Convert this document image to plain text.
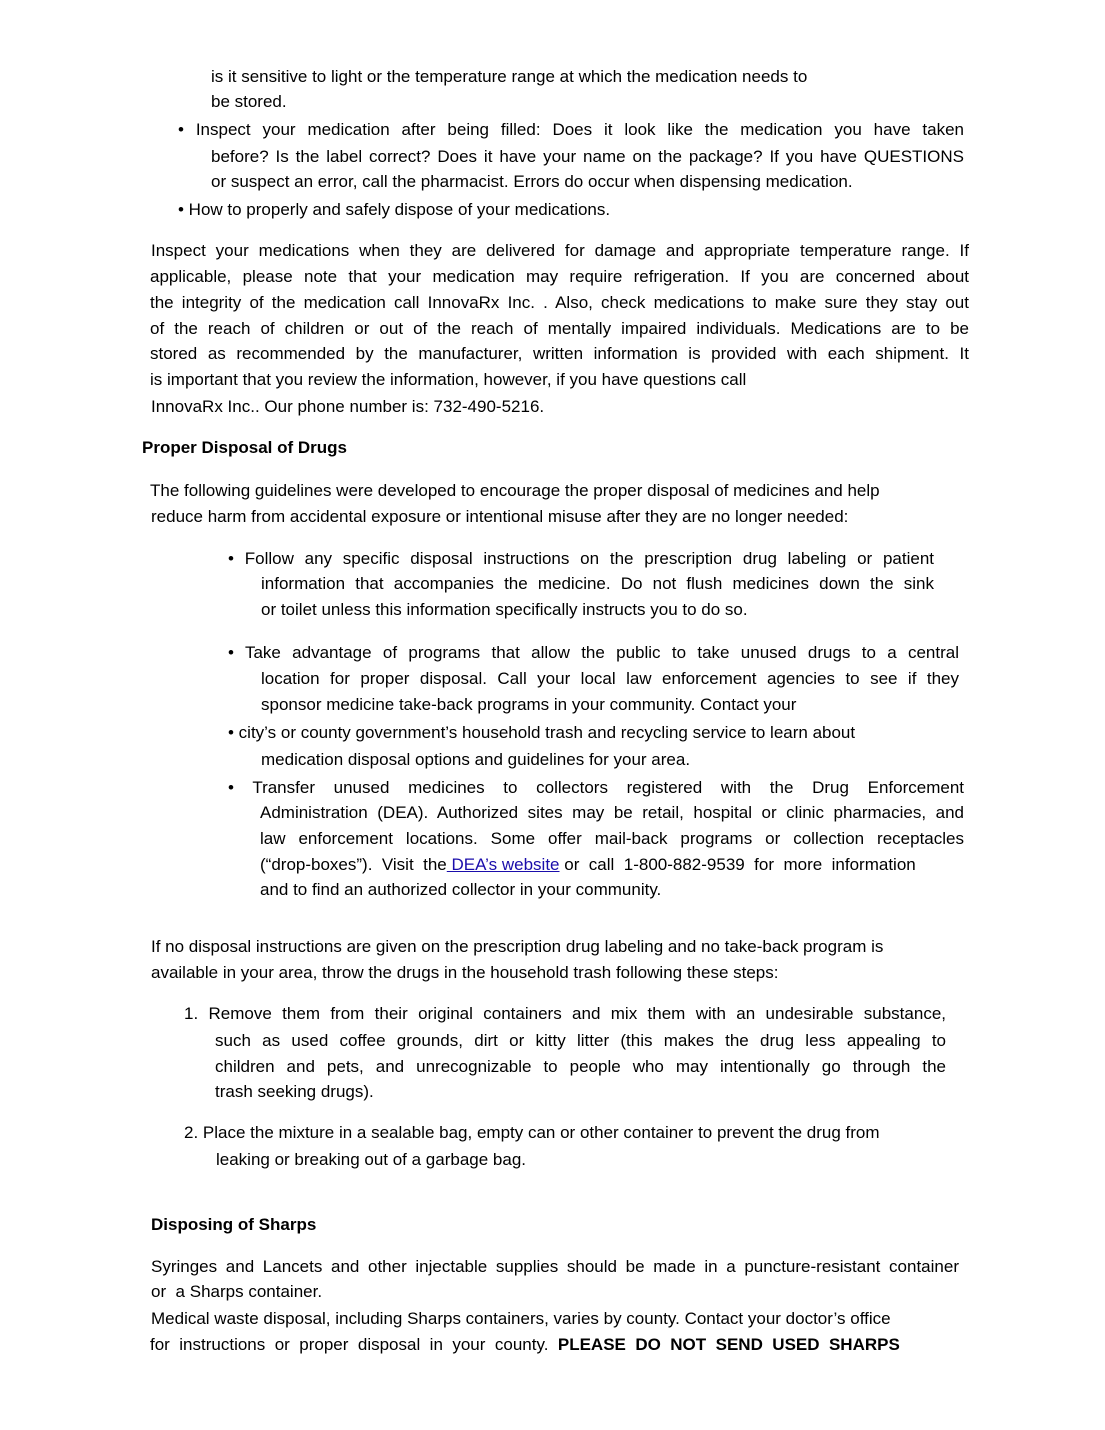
is it sensitive to light or the temperature range at which the medication needs to
be stored.
• Inspect your medication after being filled: Does it look like the medication you have taken
before? Is the label correct? Does it have your name on the package? If you have QUESTIONS
or suspect an error, call the pharmacist. Errors do occur when dispensing medication.
• How to properly and safely dispose of your medications.
Inspect your medications when they are delivered for damage and appropriate temperature range. If
applicable, please note that your medication may require refrigeration. If you are concerned about
the integrity of the medication call InnovaRx Inc. . Also, check medications to make sure they stay out
of the reach of children or out of the reach of mentally impaired individuals. Medications are to be
stored as recommended by the manufacturer, written information is provided with each shipment. It
is important that you review the information, however, if you have questions call
InnovaRx Inc.. Our phone number is: 732-490-5216.
Proper Disposal of Drugs
The following guidelines were developed to encourage the proper disposal of medicines and help
reduce harm from accidental exposure or intentional misuse after they are no longer needed:
• Follow any specific disposal instructions on the prescription drug labeling or patient
information that accompanies the medicine. Do not flush medicines down the sink
or toilet unless this information specifically instructs you to do so.
• Take advantage of programs that allow the public to take unused drugs to a central
location for proper disposal. Call your local law enforcement agencies to see if they
sponsor medicine take-back programs in your community. Contact your
• city’s or county government’s household trash and recycling service to learn about
medication disposal options and guidelines for your area.
• Transfer unused medicines to collectors registered with the Drug Enforcement
Administration (DEA). Authorized sites may be retail, hospital or clinic pharmacies, and
law enforcement locations. Some offer mail-back programs or collection receptacles
(“drop-boxes”).  Visit  the DEA’s website or  call  1-800-882-9539  for  more  information
and to find an authorized collector in your community.
If no disposal instructions are given on the prescription drug labeling and no take-back program is
available in your area, throw the drugs in the household trash following these steps:
1. Remove them from their original containers and mix them with an undesirable substance,
such as used coffee grounds, dirt or kitty litter (this makes the drug less appealing to
children and pets, and unrecognizable to people who may intentionally go through the
trash seeking drugs).
2. Place the mixture in a sealable bag, empty can or other container to prevent the drug from
leaking or breaking out of a garbage bag.
Disposing of Sharps
Syringes and Lancets and other injectable supplies should be made in a puncture-resistant container
or  a Sharps container.
Medical waste disposal, including Sharps containers, varies by county. Contact your doctor’s office
for  instructions  or  proper  disposal  in  your  county.  PLEASE  DO  NOT  SEND  USED  SHARPS
